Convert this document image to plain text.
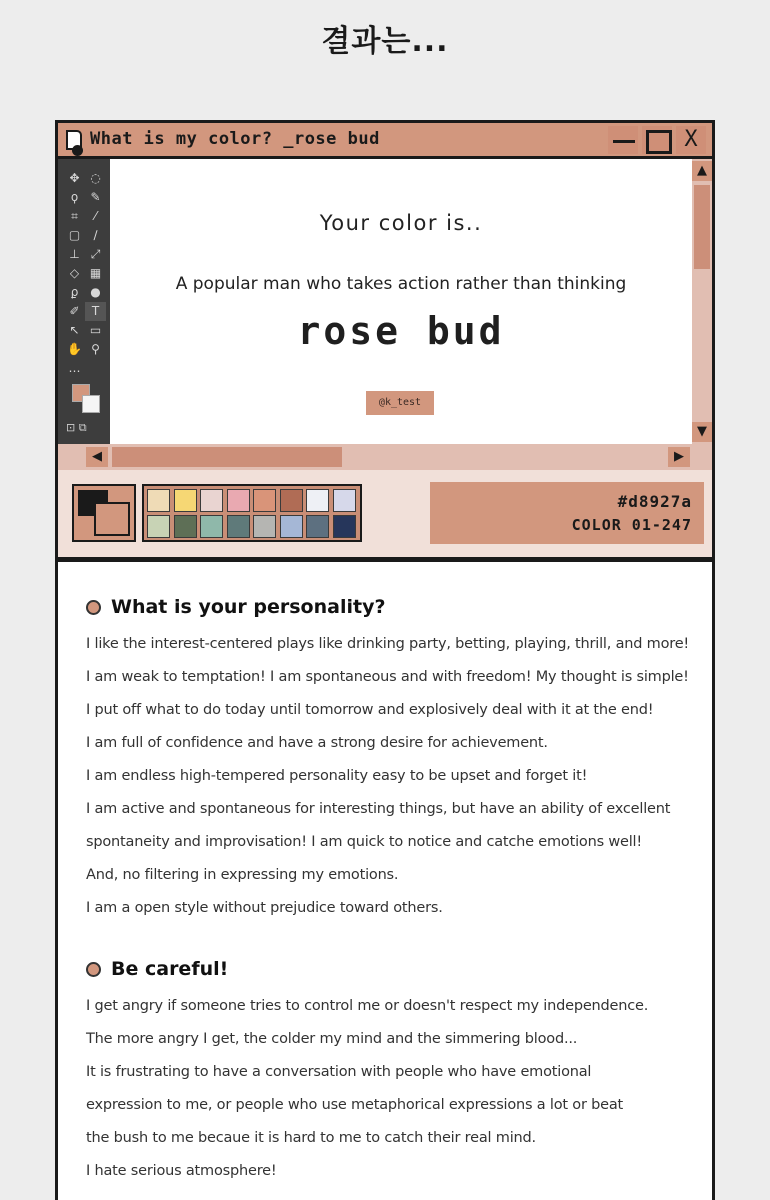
결과는...
What is my color? _rose bud	X
✥ ◌
ϙ	✎
⌗	⁄
▢	∕
⊥ ⤢
◇ ▦
ϼ ●
✐	T
↖ ▭
✋ ⚲
…
⊡ ⧉
Your color is..
A popular man who takes action rather than thinking
rose bud
@k_test
▲
▼
◀	▶
#d8927a
COLOR 01-247
What is your personality?
I like the interest-centered plays like drinking party, betting, playing, thrill, and more!
I am weak to temptation! I am spontaneous and with freedom! My thought is simple!
I put off what to do today until tomorrow and explosively deal with it at the end!
I am full of confidence and have a strong desire for achievement.
I am endless high-tempered personality easy to be upset and forget it!
I am active and spontaneous for interesting things, but have an ability of excellent
spontaneity and improvisation! I am quick to notice and catche emotions well!
And, no filtering in expressing my emotions.
I am a open style without prejudice toward others.
Be careful!
I get angry if someone tries to control me or doesn't respect my independence.
The more angry I get, the colder my mind and the simmering blood...
It is frustrating to have a conversation with people who have emotional
expression to me, or people who use metaphorical expressions a lot or beat
the bush to me becaue it is hard to me to catch their real mind.
I hate serious atmosphere!
